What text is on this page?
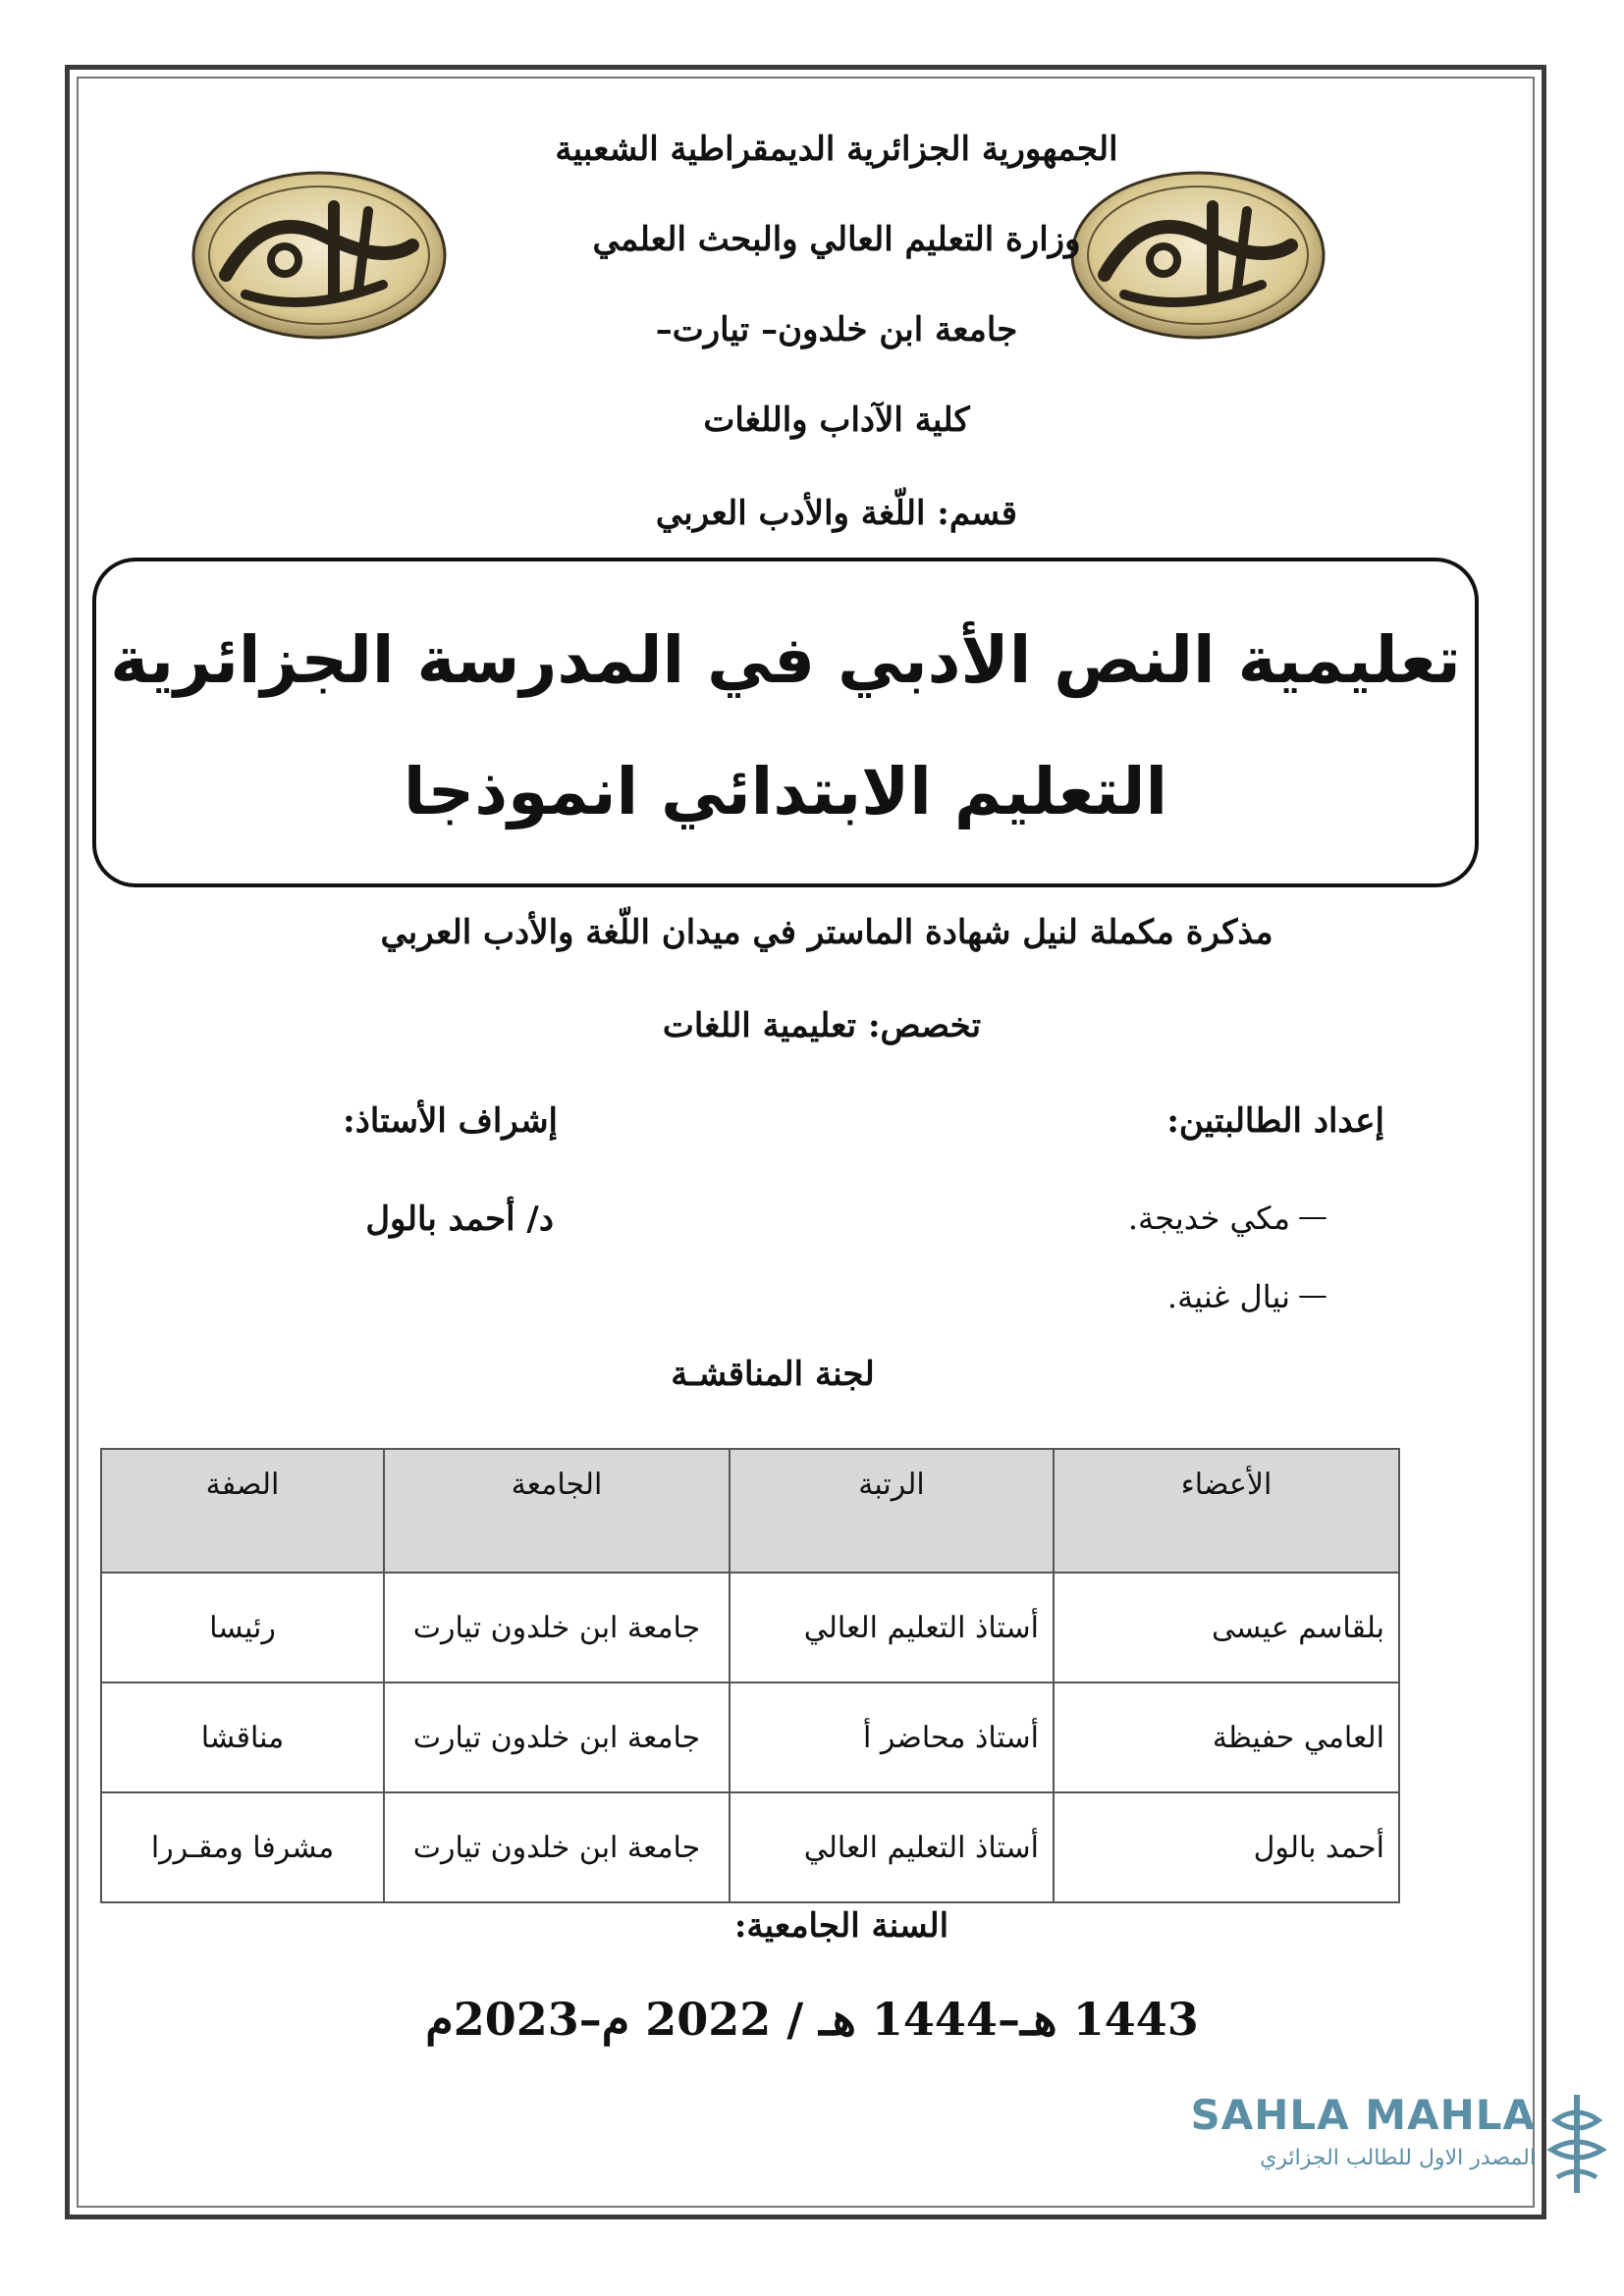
الجمهورية الجزائرية الديمقراطية الشعبية
وزارة التعليم العالي والبحث العلمي
جامعة ابن خلدون– تيارت–
كلية الآداب واللغات
قسم: اللّغة والأدب العربي
تعليمية النص الأدبي في المدرسة الجزائرية
التعليم الابتدائي انموذجا
مذكرة مكملة لنيل شهادة الماستر في ميدان اللّغة والأدب العربي
تخصص: تعليمية اللغات
إعداد الطالبتين:
إشراف الأستاذ:
مكي خديجة. —
نيال غنية. —
د/ أحمد بالول
لجنة المناقشـة
الأعضاء	الرتبة	الجامعة	الصفة
بلقاسم عيسى	أستاذ التعليم العالي	جامعة ابن خلدون تيارت	رئيسا
العامي حفيظة	أستاذ محاضر أ	جامعة ابن خلدون تيارت	مناقشا
أحمد بالول	أستاذ التعليم العالي	جامعة ابن خلدون تيارت	مشرفا ومقـررا
السنة الجامعية:
1443 هـ–1444 هـ / 2022 م–2023م
SAHLA MAHLA
المصدر الاول للطالب الجزائري
